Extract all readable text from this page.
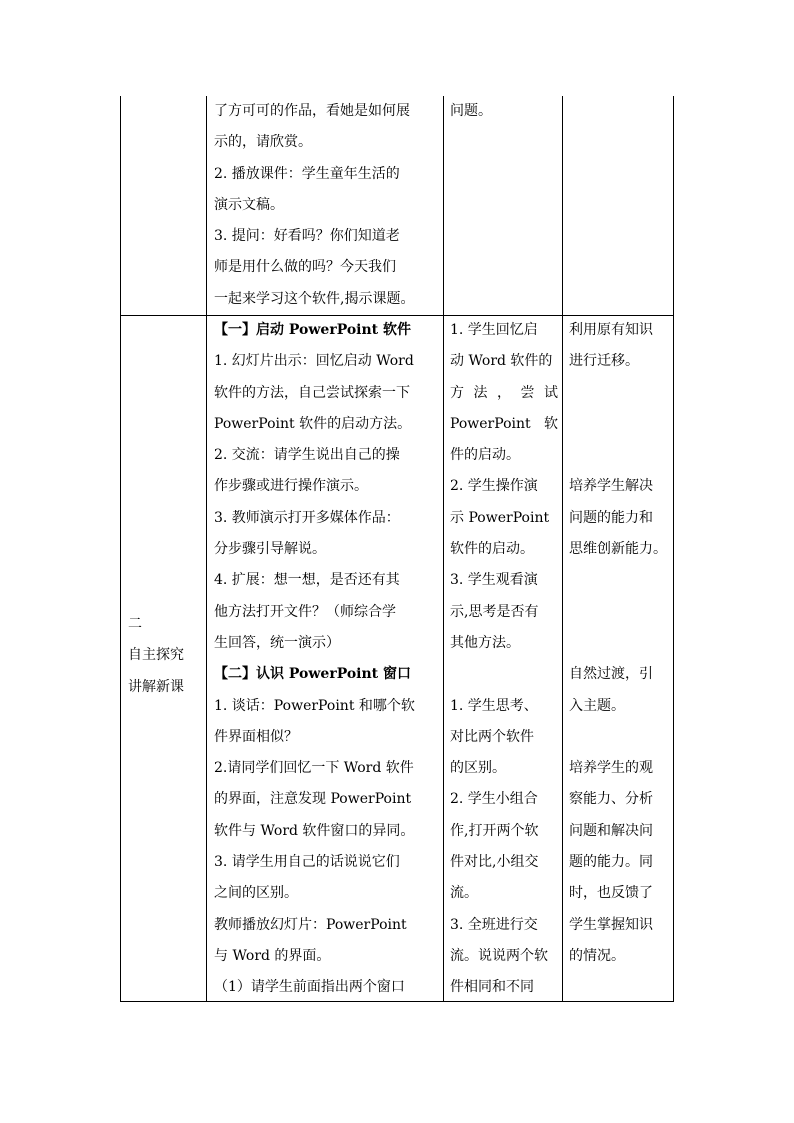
了方可可的作品，看她是如何展
示的，请欣赏。
2. 播放课件：学生童年生活的
演示文稿。
3. 提问：好看吗？你们知道老
师是用什么做的吗？今天我们
一起来学习这个软件,揭示课题。
问题。
二
自主探究
讲解新课
【一】启动 PowerPoint 软件
1. 幻灯片出示：回忆启动 Word
软件的方法，自己尝试探索一下
PowerPoint 软件的启动方法。
2. 交流：请学生说出自己的操
作步骤或进行操作演示。
3. 教师演示打开多媒体作品：
分步骤引导解说。
4. 扩展：想一想，是否还有其
他方法打开文件？（师综合学
生回答，统一演示）
【二】认识 PowerPoint 窗口
1. 谈话：PowerPoint 和哪个软
件界面相似？
2.请同学们回忆一下 Word 软件
的界面，注意发现 PowerPoint
软件与 Word 软件窗口的异同。
3. 请学生用自己的话说说它们
之间的区别。
教师播放幻灯片：PowerPoint
与 Word 的界面。
（1）请学生前面指出两个窗口
1. 学生回忆启
动 Word 软件的
方 法 ， 尝 试
PowerPoint 软
件的启动。
2. 学生操作演
示 PowerPoint
软件的启动。
3. 学生观看演
示,思考是否有
其他方法。
1. 学生思考、
对比两个软件
的区别。
2. 学生小组合
作,打开两个软
件对比,小组交
流。
3. 全班进行交
流。说说两个软
件相同和不同
利用原有知识
进行迁移。
培养学生解决
问题的能力和
思维创新能力。
自然过渡，引
入主题。
培养学生的观
察能力、分析
问题和解决问
题的能力。同
时，也反馈了
学生掌握知识
的情况。
